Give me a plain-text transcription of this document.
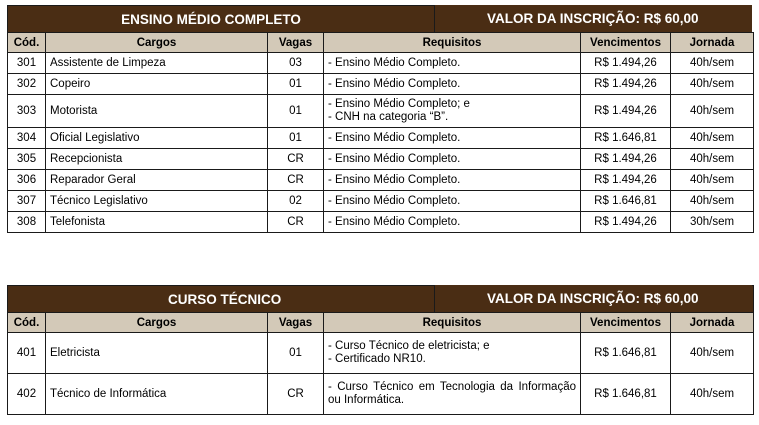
ENSINO MÉDIO COMPLETO				
Cód.	Cargos	Vagas	Requisitos	Vencimentos	Jornada
301	Assistente de Limpeza	03	- Ensino Médio Completo.	R$ 1.494,26	40h/sem
302	Copeiro	01	- Ensino Médio Completo.	R$ 1.494,26	40h/sem
303	Motorista	01	- Ensino Médio Completo; e
- CNH na categoria “B”.	R$ 1.494,26	40h/sem
304	Oficial Legislativo	01	- Ensino Médio Completo.	R$ 1.646,81	40h/sem
305	Recepcionista	CR	- Ensino Médio Completo.	R$ 1.494,26	40h/sem
306	Reparador Geral	CR	- Ensino Médio Completo.	R$ 1.494,26	40h/sem
307	Técnico Legislativo	02	- Ensino Médio Completo.	R$ 1.646,81	40h/sem
308	Telefonista	CR	- Ensino Médio Completo.	R$ 1.494,26	30h/sem
VALOR DA INSCRIÇÃO: R$ 60,00
CURSO TÉCNICO					
Cód.	Cargos	Vagas	Requisitos	Vencimentos	Jornada
401	Eletricista	01	- Curso Técnico de eletricista; e
- Certificado NR10.	R$ 1.646,81	40h/sem
402	Técnico de Informática	CR	- Curso Técnico em Tecnologia da Informação ou Informática.	R$ 1.646,81	40h/sem
VALOR DA INSCRIÇÃO: R$ 60,00
